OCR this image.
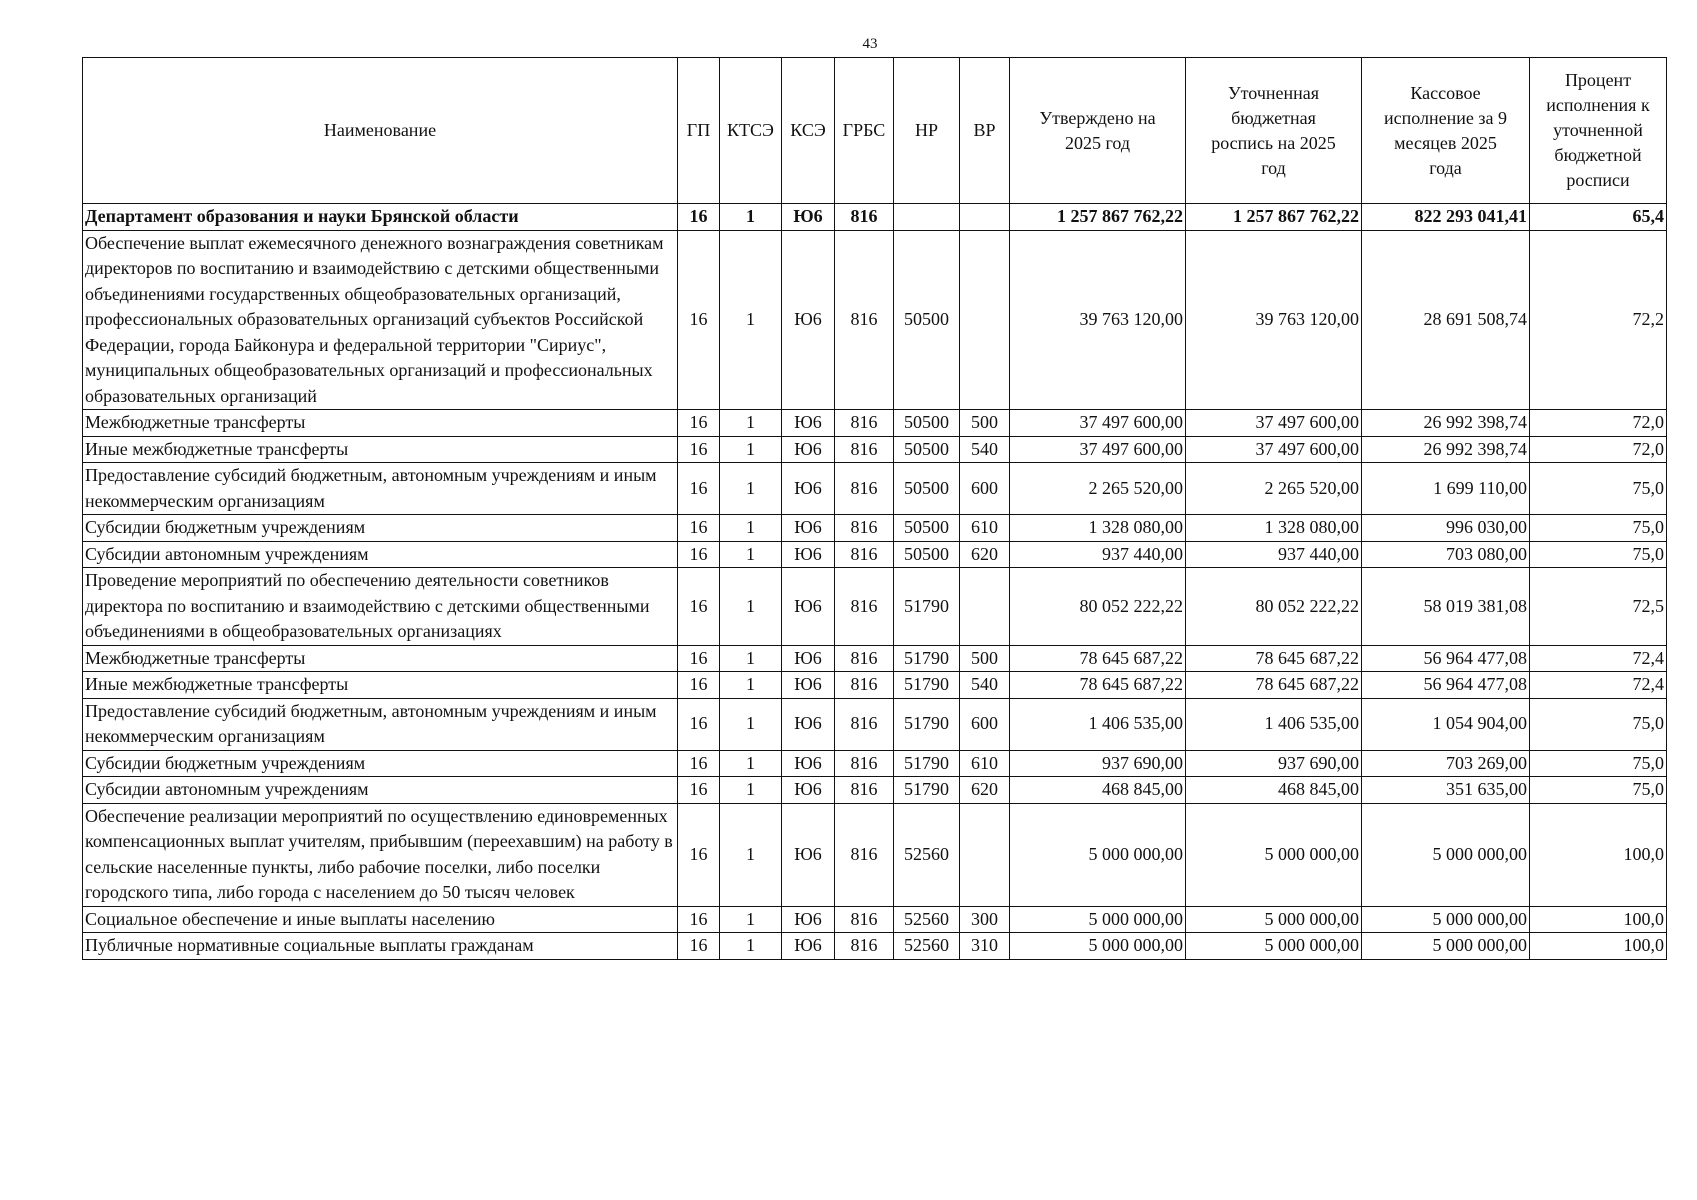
43
Наименование	ГП	КТСЭ	КСЭ	ГРБС	НР	ВР	Утверждено на 2025 год	Уточненная бюджетная роспись на 2025 год	Кассовое исполнение за 9 месяцев 2025 года	Процент исполнения к уточненной бюджетной росписи
Департамент образования и науки Брянской области	16	1	Ю6	816			1 257 867 762,22	1 257 867 762,22	822 293 041,41	65,4
Обеспечение выплат ежемесячного денежного вознаграждения советникам директоров по воспитанию и взаимодействию с детскими общественными объединениями государственных общеобразовательных организаций, профессиональных образовательных организаций субъектов Российской Федерации, города Байконура и федеральной территории "Сириус", муниципальных общеобразовательных организаций и профессиональных образовательных организаций	16	1	Ю6	816	50500		39 763 120,00	39 763 120,00	28 691 508,74	72,2
Межбюджетные трансферты	16	1	Ю6	816	50500	500	37 497 600,00	37 497 600,00	26 992 398,74	72,0
Иные межбюджетные трансферты	16	1	Ю6	816	50500	540	37 497 600,00	37 497 600,00	26 992 398,74	72,0
Предоставление субсидий бюджетным, автономным учреждениям и иным некоммерческим организациям	16	1	Ю6	816	50500	600	2 265 520,00	2 265 520,00	1 699 110,00	75,0
Субсидии бюджетным учреждениям	16	1	Ю6	816	50500	610	1 328 080,00	1 328 080,00	996 030,00	75,0
Субсидии автономным учреждениям	16	1	Ю6	816	50500	620	937 440,00	937 440,00	703 080,00	75,0
Проведение мероприятий по обеспечению деятельности советников директора по воспитанию и взаимодействию с детскими общественными объединениями в общеобразовательных организациях	16	1	Ю6	816	51790		80 052 222,22	80 052 222,22	58 019 381,08	72,5
Межбюджетные трансферты	16	1	Ю6	816	51790	500	78 645 687,22	78 645 687,22	56 964 477,08	72,4
Иные межбюджетные трансферты	16	1	Ю6	816	51790	540	78 645 687,22	78 645 687,22	56 964 477,08	72,4
Предоставление субсидий бюджетным, автономным учреждениям и иным некоммерческим организациям	16	1	Ю6	816	51790	600	1 406 535,00	1 406 535,00	1 054 904,00	75,0
Субсидии бюджетным учреждениям	16	1	Ю6	816	51790	610	937 690,00	937 690,00	703 269,00	75,0
Субсидии автономным учреждениям	16	1	Ю6	816	51790	620	468 845,00	468 845,00	351 635,00	75,0
Обеспечение реализации мероприятий по осуществлению единовременных компенсационных выплат учителям, прибывшим (переехавшим) на работу в сельские населенные пункты, либо рабочие поселки, либо поселки городского типа, либо города с населением до 50 тысяч человек	16	1	Ю6	816	52560		5 000 000,00	5 000 000,00	5 000 000,00	100,0
Социальное обеспечение и иные выплаты населению	16	1	Ю6	816	52560	300	5 000 000,00	5 000 000,00	5 000 000,00	100,0
Публичные нормативные социальные выплаты гражданам	16	1	Ю6	816	52560	310	5 000 000,00	5 000 000,00	5 000 000,00	100,0
